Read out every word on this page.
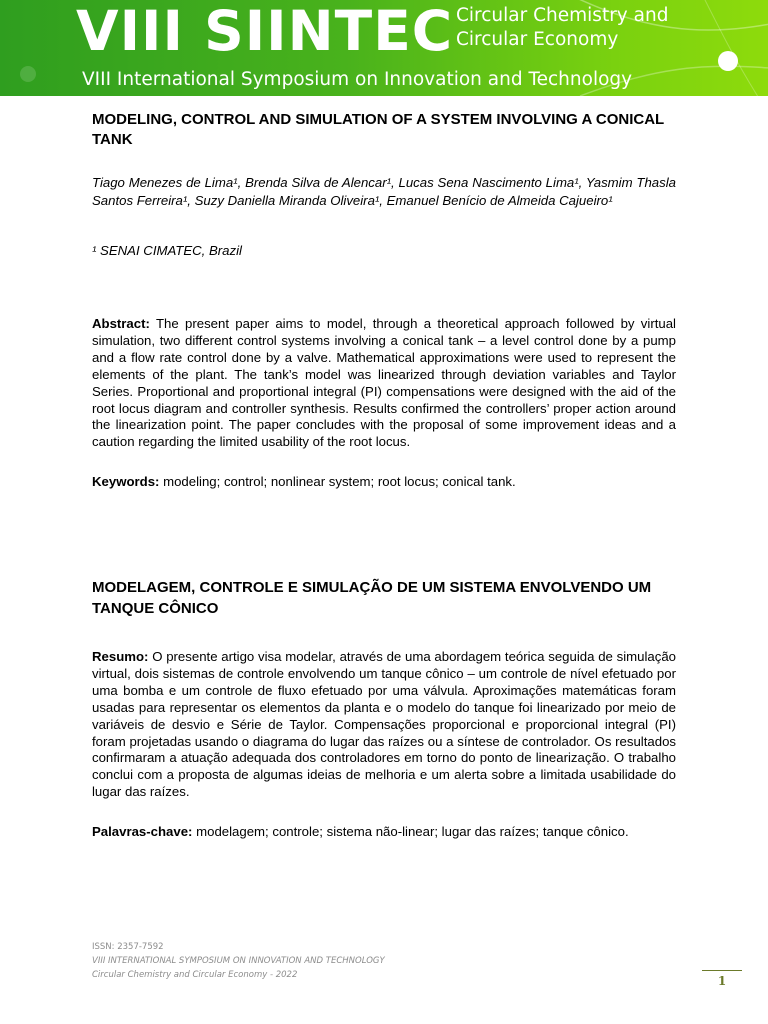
VIII SIINTEC Circular Chemistry and
Circular Economy
VIII International Symposium on Innovation and Technology
MODELING, CONTROL AND SIMULATION OF A SYSTEM INVOLVING A CONICAL TANK

Tiago Menezes de Lima¹, Brenda Silva de Alencar¹, Lucas Sena Nascimento Lima¹, Yasmim Thasla Santos Ferreira¹, Suzy Daniella Miranda Oliveira¹, Emanuel Benício de Almeida Cajueiro¹

¹ SENAI CIMATEC, Brazil

Abstract: The present paper aims to model, through a theoretical approach followed by virtual simulation, two different control systems involving a conical tank – a level control done by a pump and a flow rate control done by a valve. Mathematical approximations were used to represent the elements of the plant. The tank’s model was linearized through deviation variables and Taylor Series. Proportional and proportional integral (PI) compensations were designed with the aid of the root locus diagram and controller synthesis. Results confirmed the controllers’ proper action around the linearization point. The paper concludes with the proposal of some improvement ideas and a caution regarding the limited usability of the root locus.

Keywords: modeling; control; nonlinear system; root locus; conical tank.

MODELAGEM, CONTROLE E SIMULAÇÃO DE UM SISTEMA ENVOLVENDO UM TANQUE CÔNICO

Resumo: O presente artigo visa modelar, através de uma abordagem teórica seguida de simulação virtual, dois sistemas de controle envolvendo um tanque cônico – um controle de nível efetuado por uma bomba e um controle de fluxo efetuado por uma válvula. Aproximações matemáticas foram usadas para representar os elementos da planta e o modelo do tanque foi linearizado por meio de variáveis de desvio e Série de Taylor. Compensações proporcional e proporcional integral (PI) foram projetadas usando o diagrama do lugar das raízes ou a síntese de controlador. Os resultados confirmaram a atuação adequada dos controladores em torno do ponto de linearização. O trabalho conclui com a proposta de algumas ideias de melhoria e um alerta sobre a limitada usabilidade do lugar das raízes.

Palavras-chave: modelagem; controle; sistema não-linear; lugar das raízes; tanque cônico.

ISSN: 2357-7592
VIII INTERNATIONAL SYMPOSIUM ON INNOVATION AND TECHNOLOGY
Circular Chemistry and Circular Economy - 2022	1
